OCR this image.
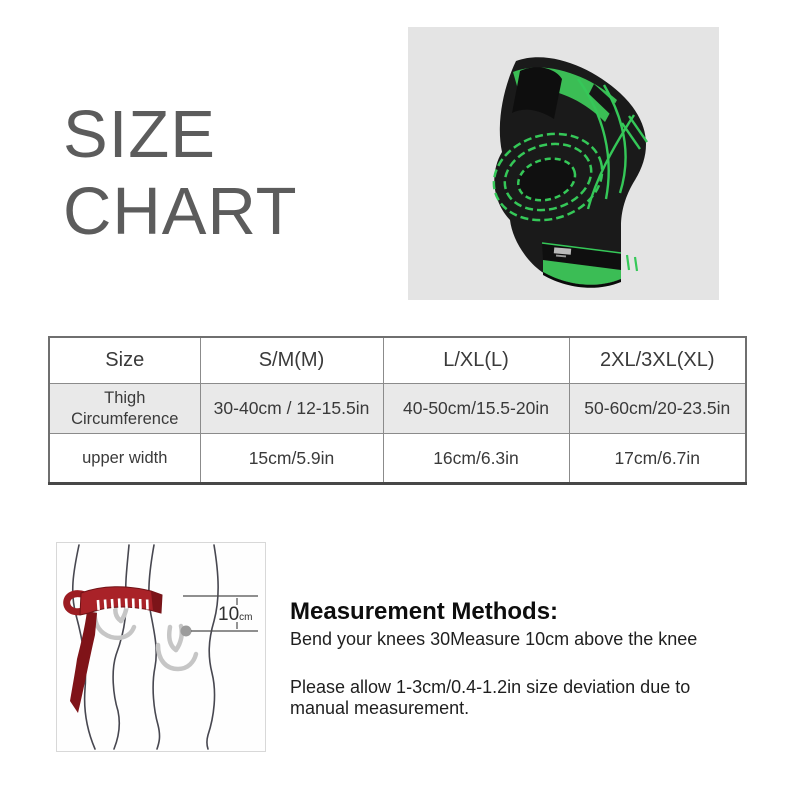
SIZE
CHART
Size	S/M(M)	L/XL(L)	2XL/3XL(XL)
Thigh Circumference	30-40cm / 12-15.5in	40-50cm/15.5-20in	50-60cm/20-23.5in
upper width	15cm/5.9in	16cm/6.3in	17cm/6.7in
10cm Measurement Methods:
Bend your knees 30Measure 10cm above the knee
Please allow 1-3cm/0.4-1.2in size deviation due to
manual measurement.
